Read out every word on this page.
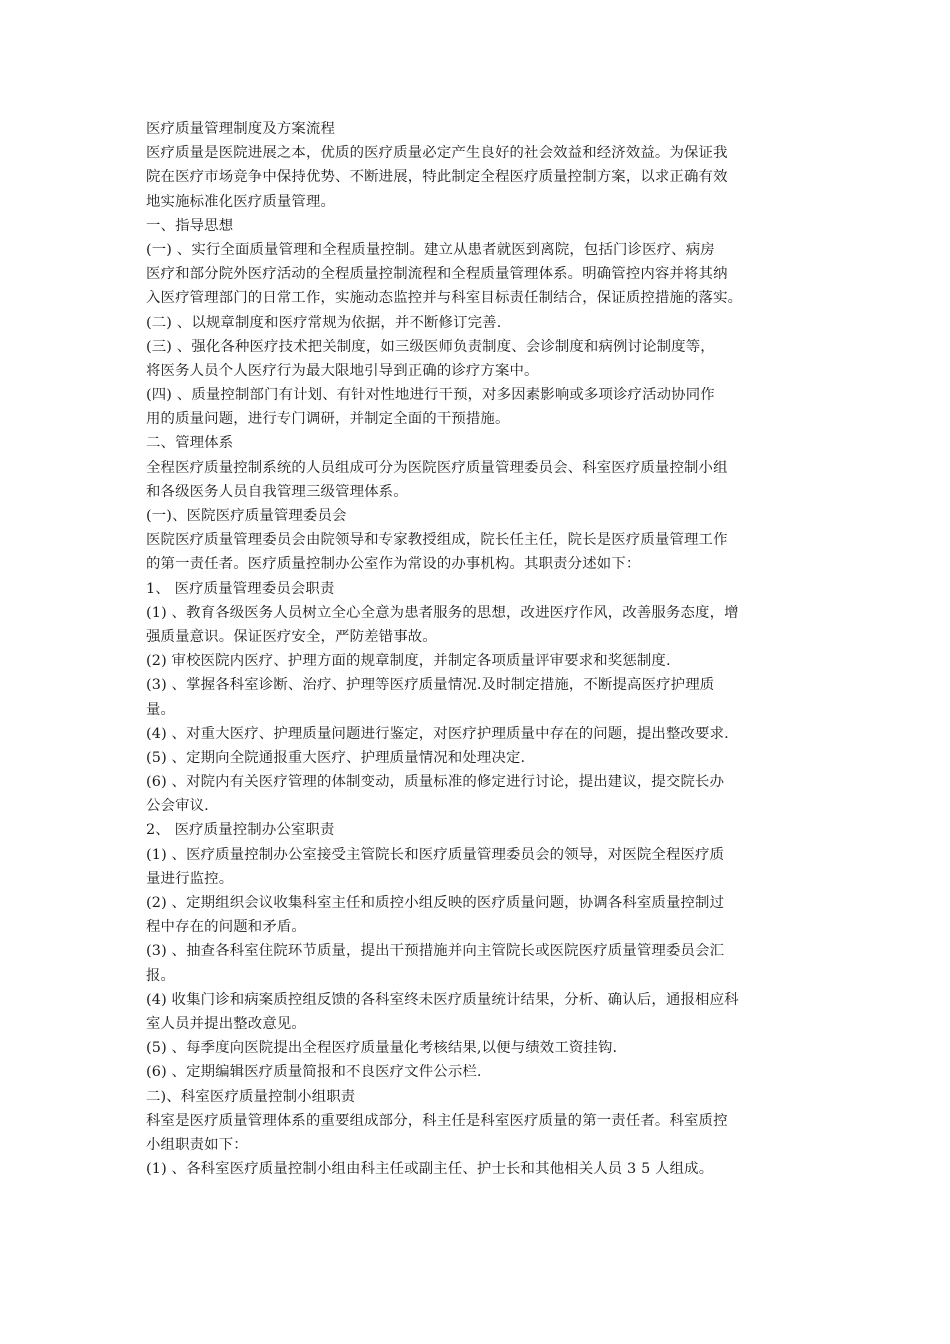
医疗质量管理制度及方案流程
医疗质量是医院进展之本，优质的医疗质量必定产生良好的社会效益和经济效益。为保证我
院在医疗市场竞争中保持优势、不断进展，特此制定全程医疗质量控制方案，以求正确有效
地实施标准化医疗质量管理。
一、指导思想
(一) 、实行全面质量管理和全程质量控制。建立从患者就医到离院，包括门诊医疗、病房
医疗和部分院外医疗活动的全程质量控制流程和全程质量管理体系。明确管控内容并将其纳
入医疗管理部门的日常工作，实施动态监控并与科室目标责任制结合，保证质控措施的落实。
(二) 、以规章制度和医疗常规为依据，并不断修订完善.
(三) 、强化各种医疗技术把关制度，如三级医师负责制度、会诊制度和病例讨论制度等，
将医务人员个人医疗行为最大限地引导到正确的诊疗方案中。
(四) 、质量控制部门有计划、有针对性地进行干预，对多因素影响或多项诊疗活动协同作
用的质量问题，进行专门调研，并制定全面的干预措施。
二、管理体系
全程医疗质量控制系统的人员组成可分为医院医疗质量管理委员会、科室医疗质量控制小组
和各级医务人员自我管理三级管理体系。
(一)、医院医疗质量管理委员会
医院医疗质量管理委员会由院领导和专家教授组成，院长任主任，院长是医疗质量管理工作
的第一责任者。医疗质量控制办公室作为常设的办事机构。其职责分述如下：
1、 医疗质量管理委员会职责
(1) 、教育各级医务人员树立全心全意为患者服务的思想，改进医疗作风，改善服务态度，增
强质量意识。保证医疗安全，严防差错事故。
(2) 审校医院内医疗、护理方面的规章制度，并制定各项质量评审要求和奖惩制度.
(3) 、掌握各科室诊断、治疗、护理等医疗质量情况.及时制定措施，不断提高医疗护理质
量。
(4) 、对重大医疗、护理质量问题进行鉴定，对医疗护理质量中存在的问题，提出整改要求.
(5) 、定期向全院通报重大医疗、护理质量情况和处理决定.
(6) 、对院内有关医疗管理的体制变动，质量标准的修定进行讨论，提出建议，提交院长办
公会审议.
2、 医疗质量控制办公室职责
(1) 、医疗质量控制办公室接受主管院长和医疗质量管理委员会的领导，对医院全程医疗质
量进行监控。
(2) 、定期组织会议收集科室主任和质控小组反映的医疗质量问题，协调各科室质量控制过
程中存在的问题和矛盾。
(3) 、抽查各科室住院环节质量，提出干预措施并向主管院长或医院医疗质量管理委员会汇
报。
(4) 收集门诊和病案质控组反馈的各科室终未医疗质量统计结果，分析、确认后，通报相应科
室人员并提出整改意见。
(5) 、每季度向医院提出全程医疗质量量化考核结果,以便与绩效工资挂钩.
(6) 、定期编辑医疗质量简报和不良医疗文件公示栏.
二)、科室医疗质量控制小组职责
科室是医疗质量管理体系的重要组成部分，科主任是科室医疗质量的第一责任者。科室质控
小组职责如下：
(1) 、各科室医疗质量控制小组由科主任或副主任、护士长和其他相关人员 3 5 人组成。
